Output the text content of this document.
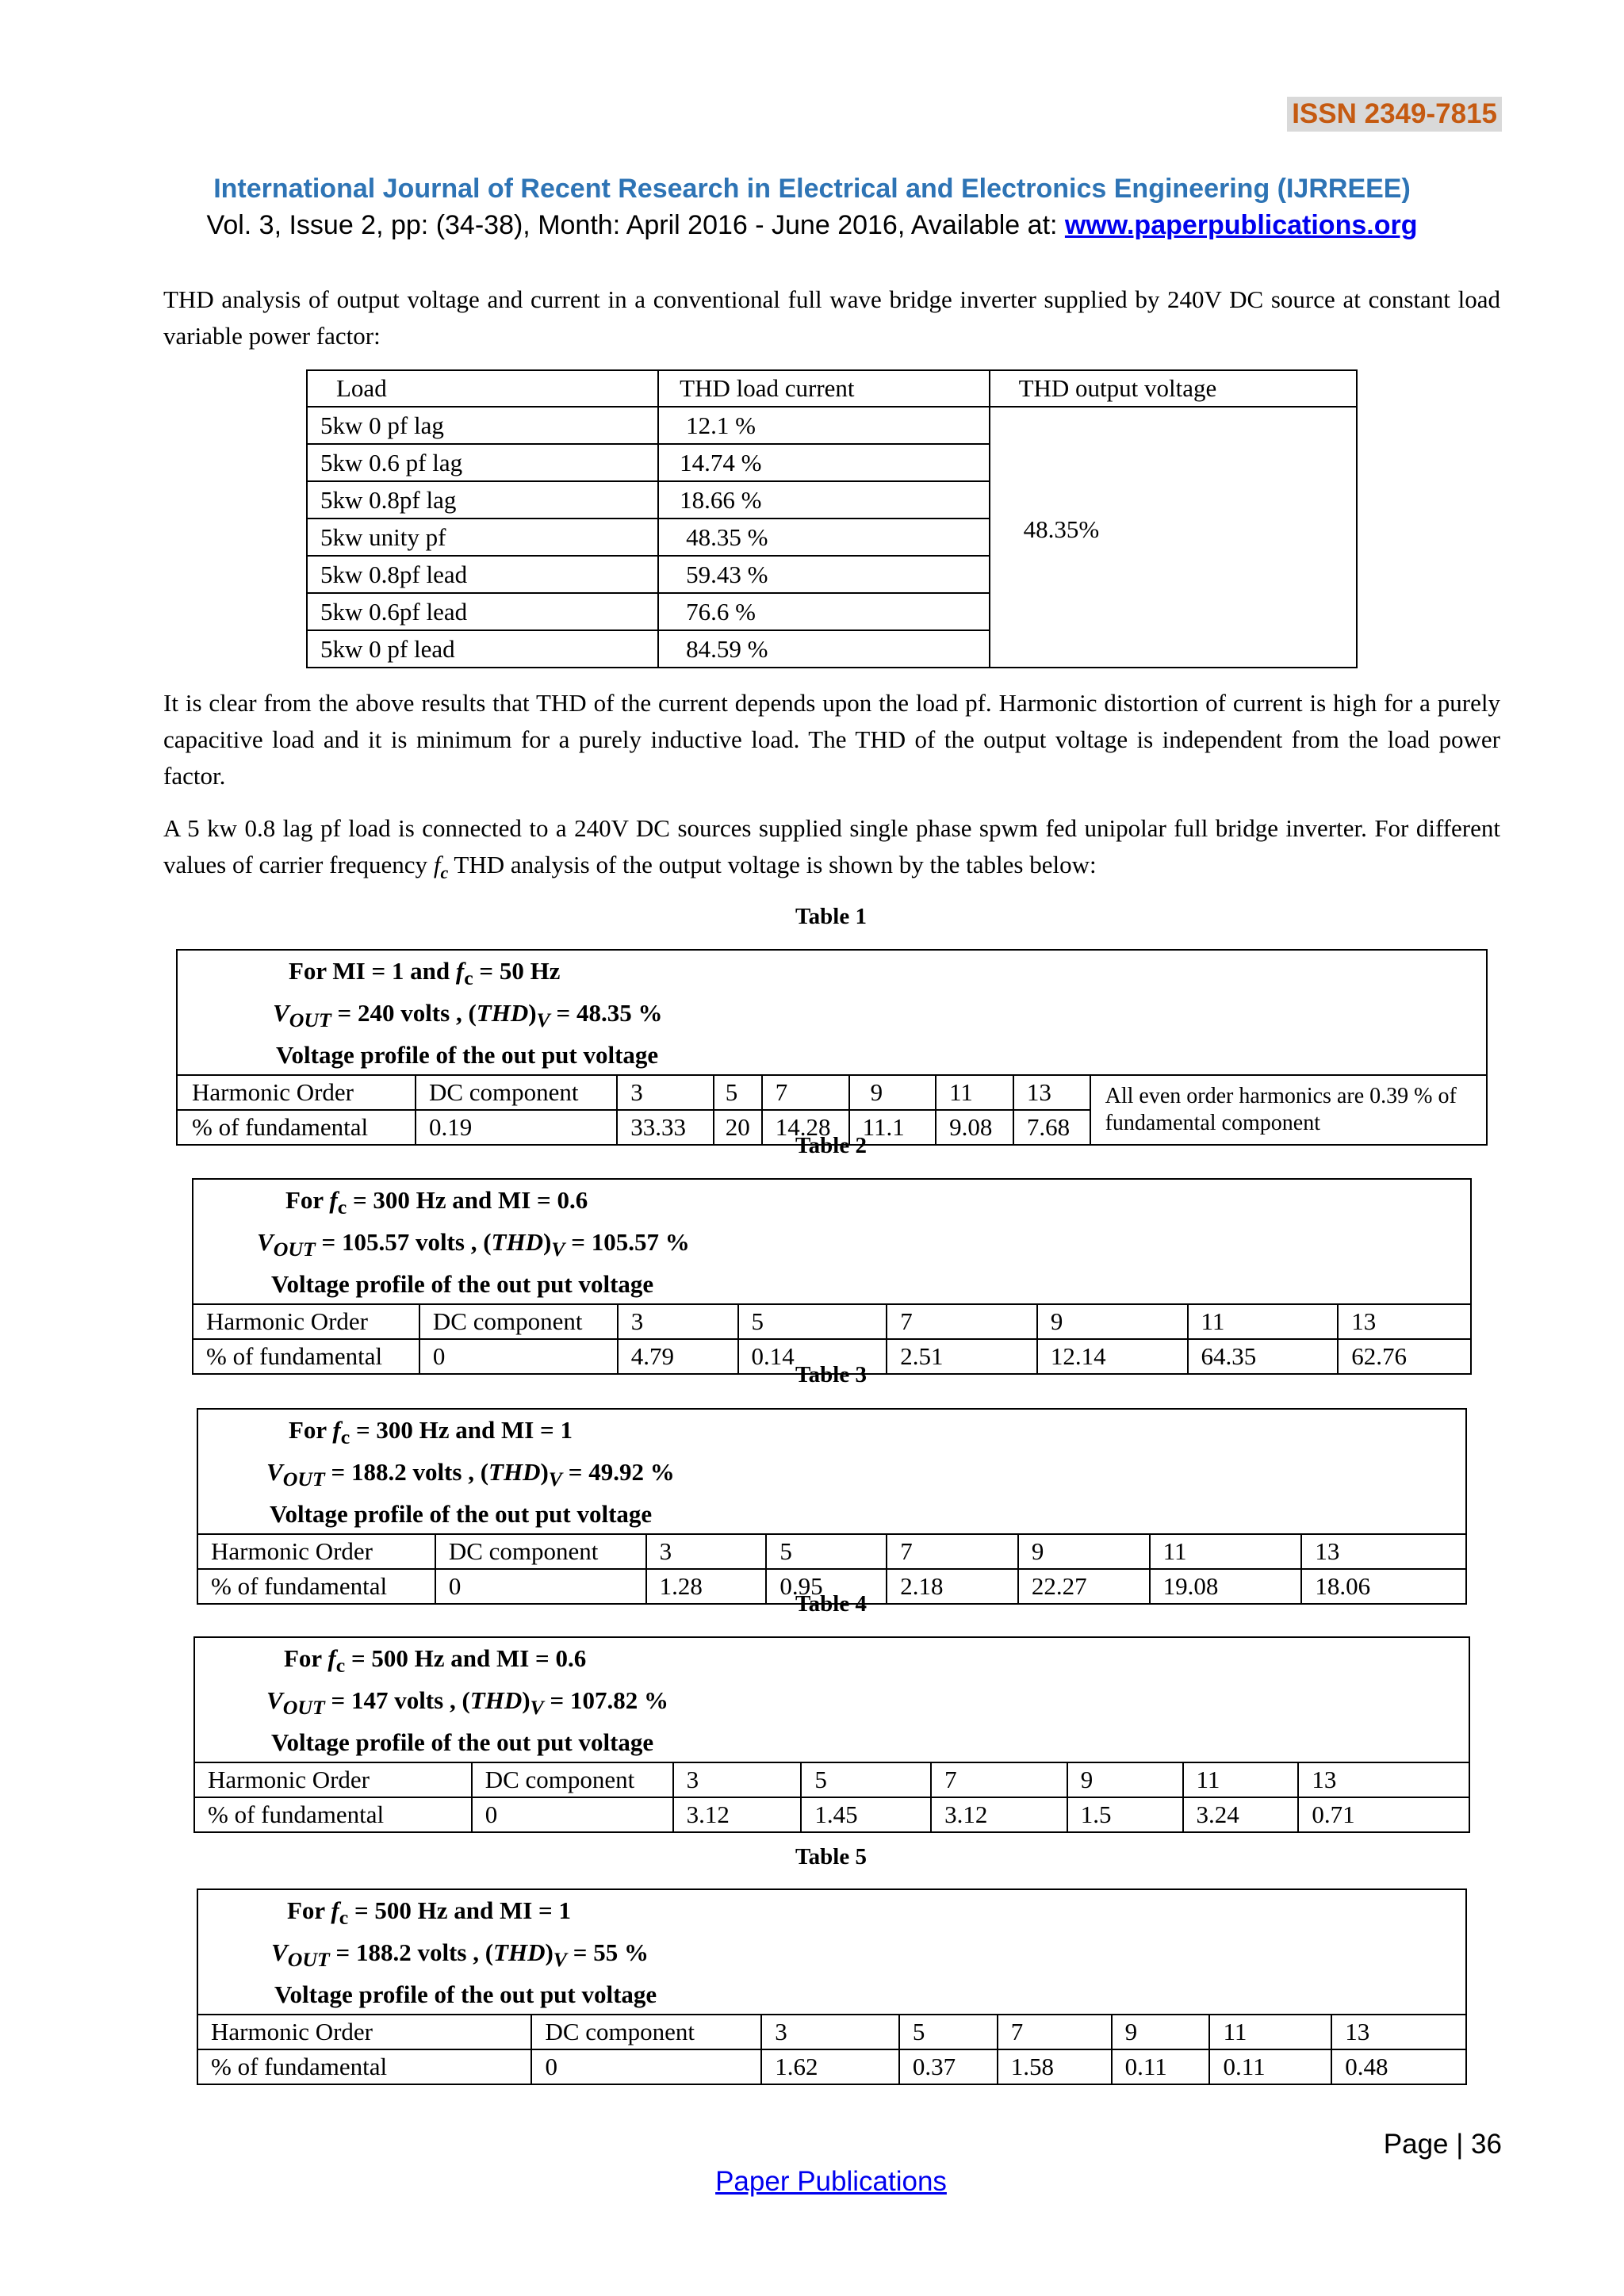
ISSN 2349-7815
International Journal of Recent Research in Electrical and Electronics Engineering (IJRREEE)
Vol. 3, Issue 2, pp: (34-38), Month: April 2016 - June 2016, Available at: www.paperpublications.org

THD analysis of output voltage and current in a conventional full wave bridge inverter supplied by 240V DC source at constant load variable power factor:

Load	THD load current	THD output voltage
5kw 0 pf lag	12.1 %	48.35%

5kw 0.6 pf lag	14.74 %	
5kw 0.8pf lag	18.66 %	
5kw unity pf	48.35 %	
5kw 0.8pf lead	59.43 %	
5kw 0.6pf lead	76.6 %	
5kw 0 pf lead	84.59 %	

It is clear from the above results that THD of the current depends upon the load pf. Harmonic distortion of current is high for a purely capacitive load and it is minimum for a purely inductive load. The THD of the output voltage is independent from the load power factor.

A 5 kw 0.8 lag pf load is connected to a 240V DC sources supplied single phase spwm fed unipolar full bridge inverter. For different values of carrier frequency $f_c$ THD analysis of the output voltage is shown by the tables below:

Table 1
For MI = 1 and $f_c = 50$ Hz
$V_{OUT} = 240$ volts , $(THD)_V = 48.35$ %
Voltage profile of the out put voltage								

Harmonic Order	DC component	3	5	7	9	11	13	All even order harmonics are 0.39 % of fundamental component
% of fundamental	0.19	33.33	20	14.28	11.1	9.08	7.68	
Table 2
For $f_c = 300$ Hz and MI = 0.6
$V_{OUT} = 105.57$ volts , $(THD)_V = 105.57$ %
Voltage profile of the out put voltage							

Harmonic Order	DC component	3	5	7	9	11	13
% of fundamental	0	4.79	0.14	2.51	12.14	64.35	62.76
Table 3
For $f_c = 300$ Hz and MI = 1
$V_{OUT} = 188.2$ volts , $(THD)_V = 49.92$ %
Voltage profile of the out put voltage							

Harmonic Order	DC component	3	5	7	9	11	13
% of fundamental	0	1.28	0.95	2.18	22.27	19.08	18.06
Table 4
For $f_c = 500$ Hz and MI = 0.6
$V_{OUT} = 147$ volts , $(THD)_V = 107.82$ %
Voltage profile of the out put voltage							

Harmonic Order	DC component	3	5	7	9	11	13
% of fundamental	0	3.12	1.45	3.12	1.5	3.24	0.71
Table 5
For $f_c = 500$ Hz and MI = 1
$V_{OUT} = 188.2$ volts , $(THD)_V = 55$ %
Voltage profile of the out put voltage							

Harmonic Order	DC component	3	5	7	9	11	13
% of fundamental	0	1.62	0.37	1.58	0.11	0.11	0.48
Page | 36
Paper Publications
